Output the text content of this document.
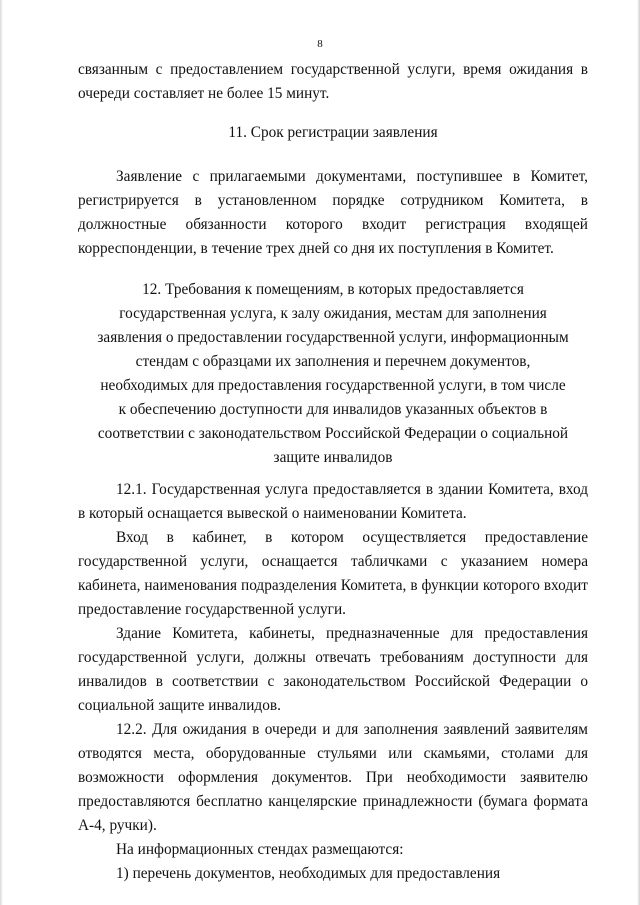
8

связанным с предоставлением государственной услуги, время ожидания в очереди составляет не более 15 минут.

11. Срок регистрации заявления

Заявление с прилагаемыми документами, поступившее в Комитет, регистрируется в установленном порядке сотрудником Комитета, в должностные обязанности которого входит регистрация входящей корреспонденции, в течение трех дней со дня их поступления в Комитет.

12. Требования к помещениям, в которых предоставляется

государственная услуга, к залу ожидания, местам для заполнения

заявления о предоставлении государственной услуги, информационным

стендам с образцами их заполнения и перечнем документов,

необходимых для предоставления государственной услуги, в том числе

к обеспечению доступности для инвалидов указанных объектов в

соответствии с законодательством Российской Федерации о социальной

защите инвалидов

12.1. Государственная услуга предоставляется в здании Комитета, вход в который оснащается вывеской о наименовании Комитета.

Вход в кабинет, в котором осуществляется предоставление государственной услуги, оснащается табличками с указанием номера кабинета, наименования подразделения Комитета, в функции которого входит предоставление государственной услуги.

Здание Комитета, кабинеты, предназначенные для предоставления государственной услуги, должны отвечать требованиям доступности для инвалидов в соответствии с законодательством Российской Федерации о социальной защите инвалидов.

12.2. Для ожидания в очереди и для заполнения заявлений заявителям отводятся места, оборудованные стульями или скамьями, столами для возможности оформления документов. При необходимости заявителю предоставляются бесплатно канцелярские принадлежности (бумага формата А-4, ручки).

На информационных стендах размещаются:

1) перечень документов, необходимых для предоставления
